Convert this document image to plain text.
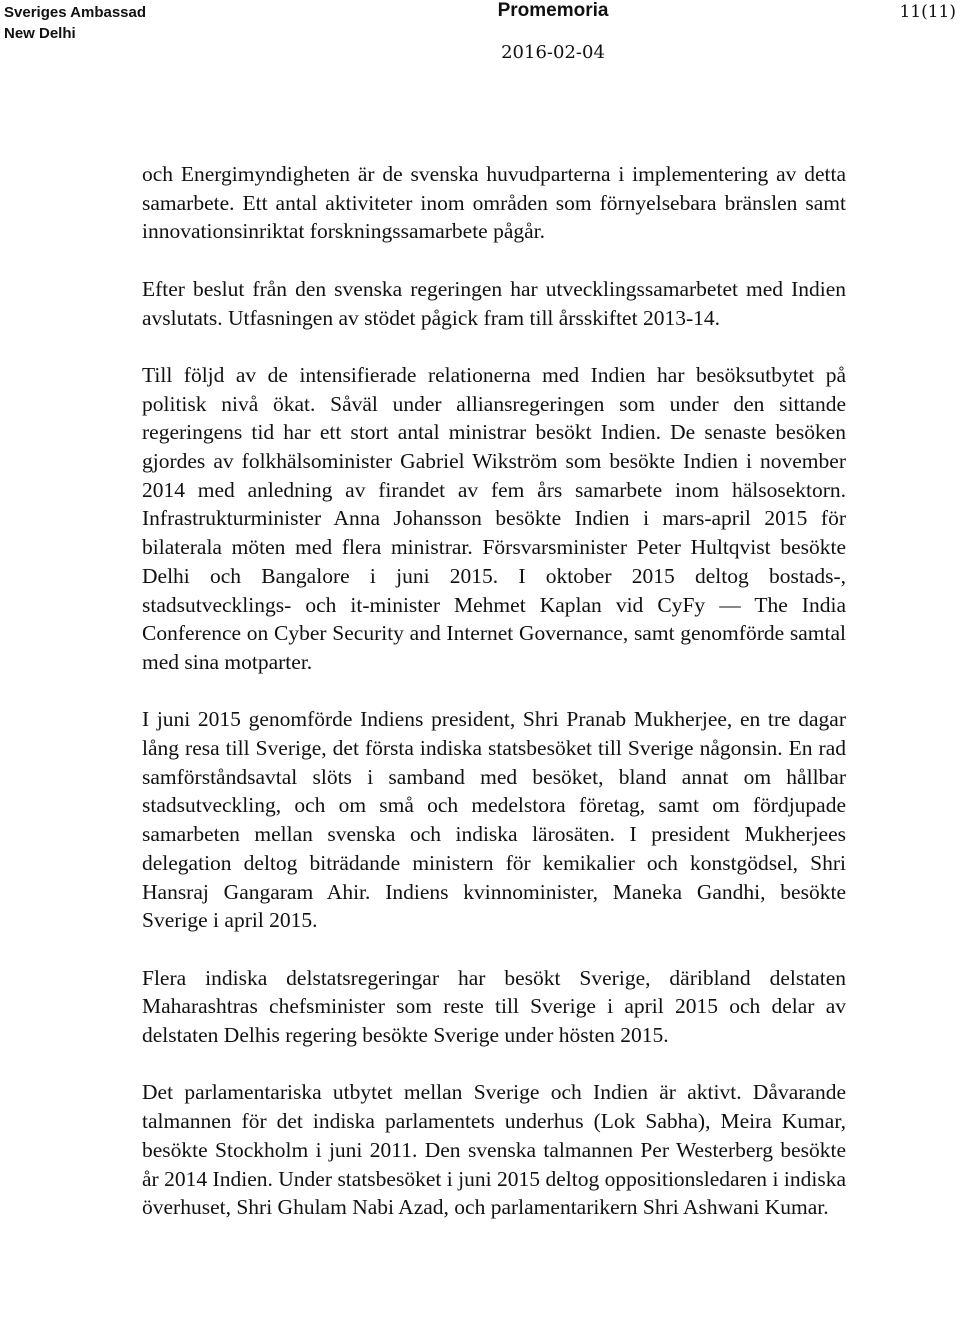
Sveriges Ambassad
New Delhi
Promemoria
2016-02-04
11(11)

och Energimyndigheten är de svenska huvudparterna i implementering av detta samarbete. Ett antal aktiviteter inom områden som förnyelsebara bränslen samt innovationsinriktat forskningssamarbete pågår.

Efter beslut från den svenska regeringen har utvecklingssamarbetet med Indien avslutats. Utfasningen av stödet pågick fram till årsskiftet 2013-14.

Till följd av de intensifierade relationerna med Indien har besöksutbytet på politisk nivå ökat. Såväl under alliansregeringen som under den sittande regeringens tid har ett stort antal ministrar besökt Indien. De senaste besöken gjordes av folkhälsominister Gabriel Wikström som besökte Indien i november 2014 med anledning av firandet av fem års samarbete inom hälsosektorn. Infrastrukturminister Anna Johansson besökte Indien i mars-april 2015 för bilaterala möten med flera ministrar. Försvarsminister Peter Hultqvist besökte Delhi och Bangalore i juni 2015. I oktober 2015 deltog bostads-, stadsutvecklings- och it-minister Mehmet Kaplan vid CyFy — The India Conference on Cyber Security and Internet Governance, samt genomförde samtal med sina motparter.

I juni 2015 genomförde Indiens president, Shri Pranab Mukherjee, en tre dagar lång resa till Sverige, det första indiska statsbesöket till Sverige någonsin. En rad samförståndsavtal slöts i samband med besöket, bland annat om hållbar stadsutveckling, och om små och medelstora företag, samt om fördjupade samarbeten mellan svenska och indiska lärosäten. I president Mukherjees delegation deltog biträdande ministern för kemikalier och konstgödsel, Shri Hansraj Gangaram Ahir. Indiens kvinnominister, Maneka Gandhi, besökte Sverige i april 2015.

Flera indiska delstatsregeringar har besökt Sverige, däribland delstaten Maharashtras chefsminister som reste till Sverige i april 2015 och delar av delstaten Delhis regering besökte Sverige under hösten 2015.

Det parlamentariska utbytet mellan Sverige och Indien är aktivt. Dåvarande talmannen för det indiska parlamentets underhus (Lok Sabha), Meira Kumar, besökte Stockholm i juni 2011. Den svenska talmannen Per Westerberg besökte år 2014 Indien. Under statsbesöket i juni 2015 deltog oppositionsledaren i indiska överhuset, Shri Ghulam Nabi Azad, och parlamentarikern Shri Ashwani Kumar.
